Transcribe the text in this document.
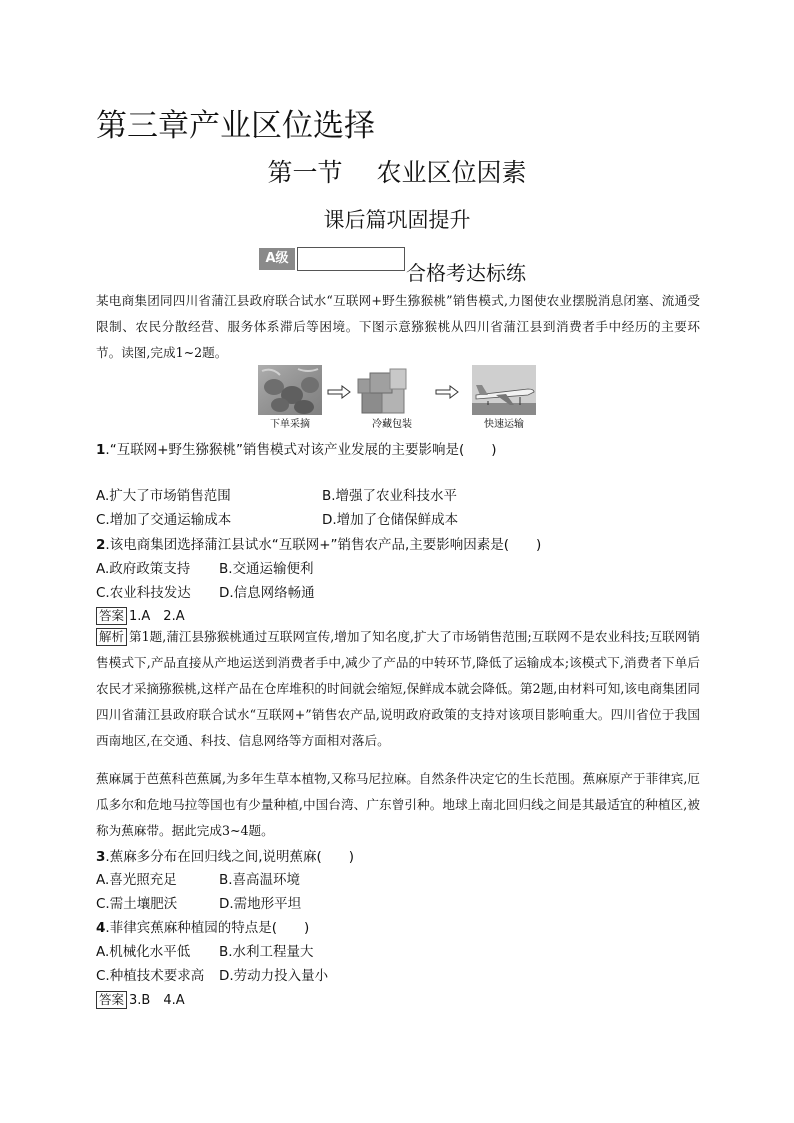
第三章产业区位选择
第一节 农业区位因素
课后篇巩固提升
A级
合格考达标练
某电商集团同四川省蒲江县政府联合试水“互联网+野生猕猴桃”销售模式,力图使农业摆脱消息闭塞、流通受限制、农民分散经营、服务体系滞后等困境。下图示意猕猴桃从四川省蒲江县到消费者手中经历的主要环节。读图,完成1~2题。
下单采摘	冷藏包装	快速运输
1.“互联网+野生猕猴桃”销售模式对该产业发展的主要影响是(　　)
A.扩大了市场销售范围	B.增强了农业科技水平
C.增加了交通运输成本	D.增加了仓储保鲜成本
2.该电商集团选择蒲江县试水“互联网+”销售农产品,主要影响因素是(　　)
A.政府政策支持 B.交通运输便利
C.农业科技发达 D.信息网络畅通
答案 1.A　2.A
解析 第1题,蒲江县猕猴桃通过互联网宣传,增加了知名度,扩大了市场销售范围;互联网不是农业科技;互联网销售模式下,产品直接从产地运送到消费者手中,减少了产品的中转环节,降低了运输成本;该模式下,消费者下单后农民才采摘猕猴桃,这样产品在仓库堆积的时间就会缩短,保鲜成本就会降低。第2题,由材料可知,该电商集团同四川省蒲江县政府联合试水“互联网+”销售农产品,说明政府政策的支持对该项目影响重大。四川省位于我国西南地区,在交通、科技、信息网络等方面相对落后。
蕉麻属于芭蕉科芭蕉属,为多年生草本植物,又称马尼拉麻。自然条件决定它的生长范围。蕉麻原产于菲律宾,厄瓜多尔和危地马拉等国也有少量种植,中国台湾、广东曾引种。地球上南北回归线之间是其最适宜的种植区,被称为蕉麻带。据此完成3~4题。
3.蕉麻多分布在回归线之间,说明蕉麻(　　)
A.喜光照充足	B.喜高温环境
C.需土壤肥沃	D.需地形平坦
4.菲律宾蕉麻种植园的特点是(　　)
A.机械化水平低 B.水利工程量大
C.种植技术要求高 D.劳动力投入量小
答案 3.B　4.A
